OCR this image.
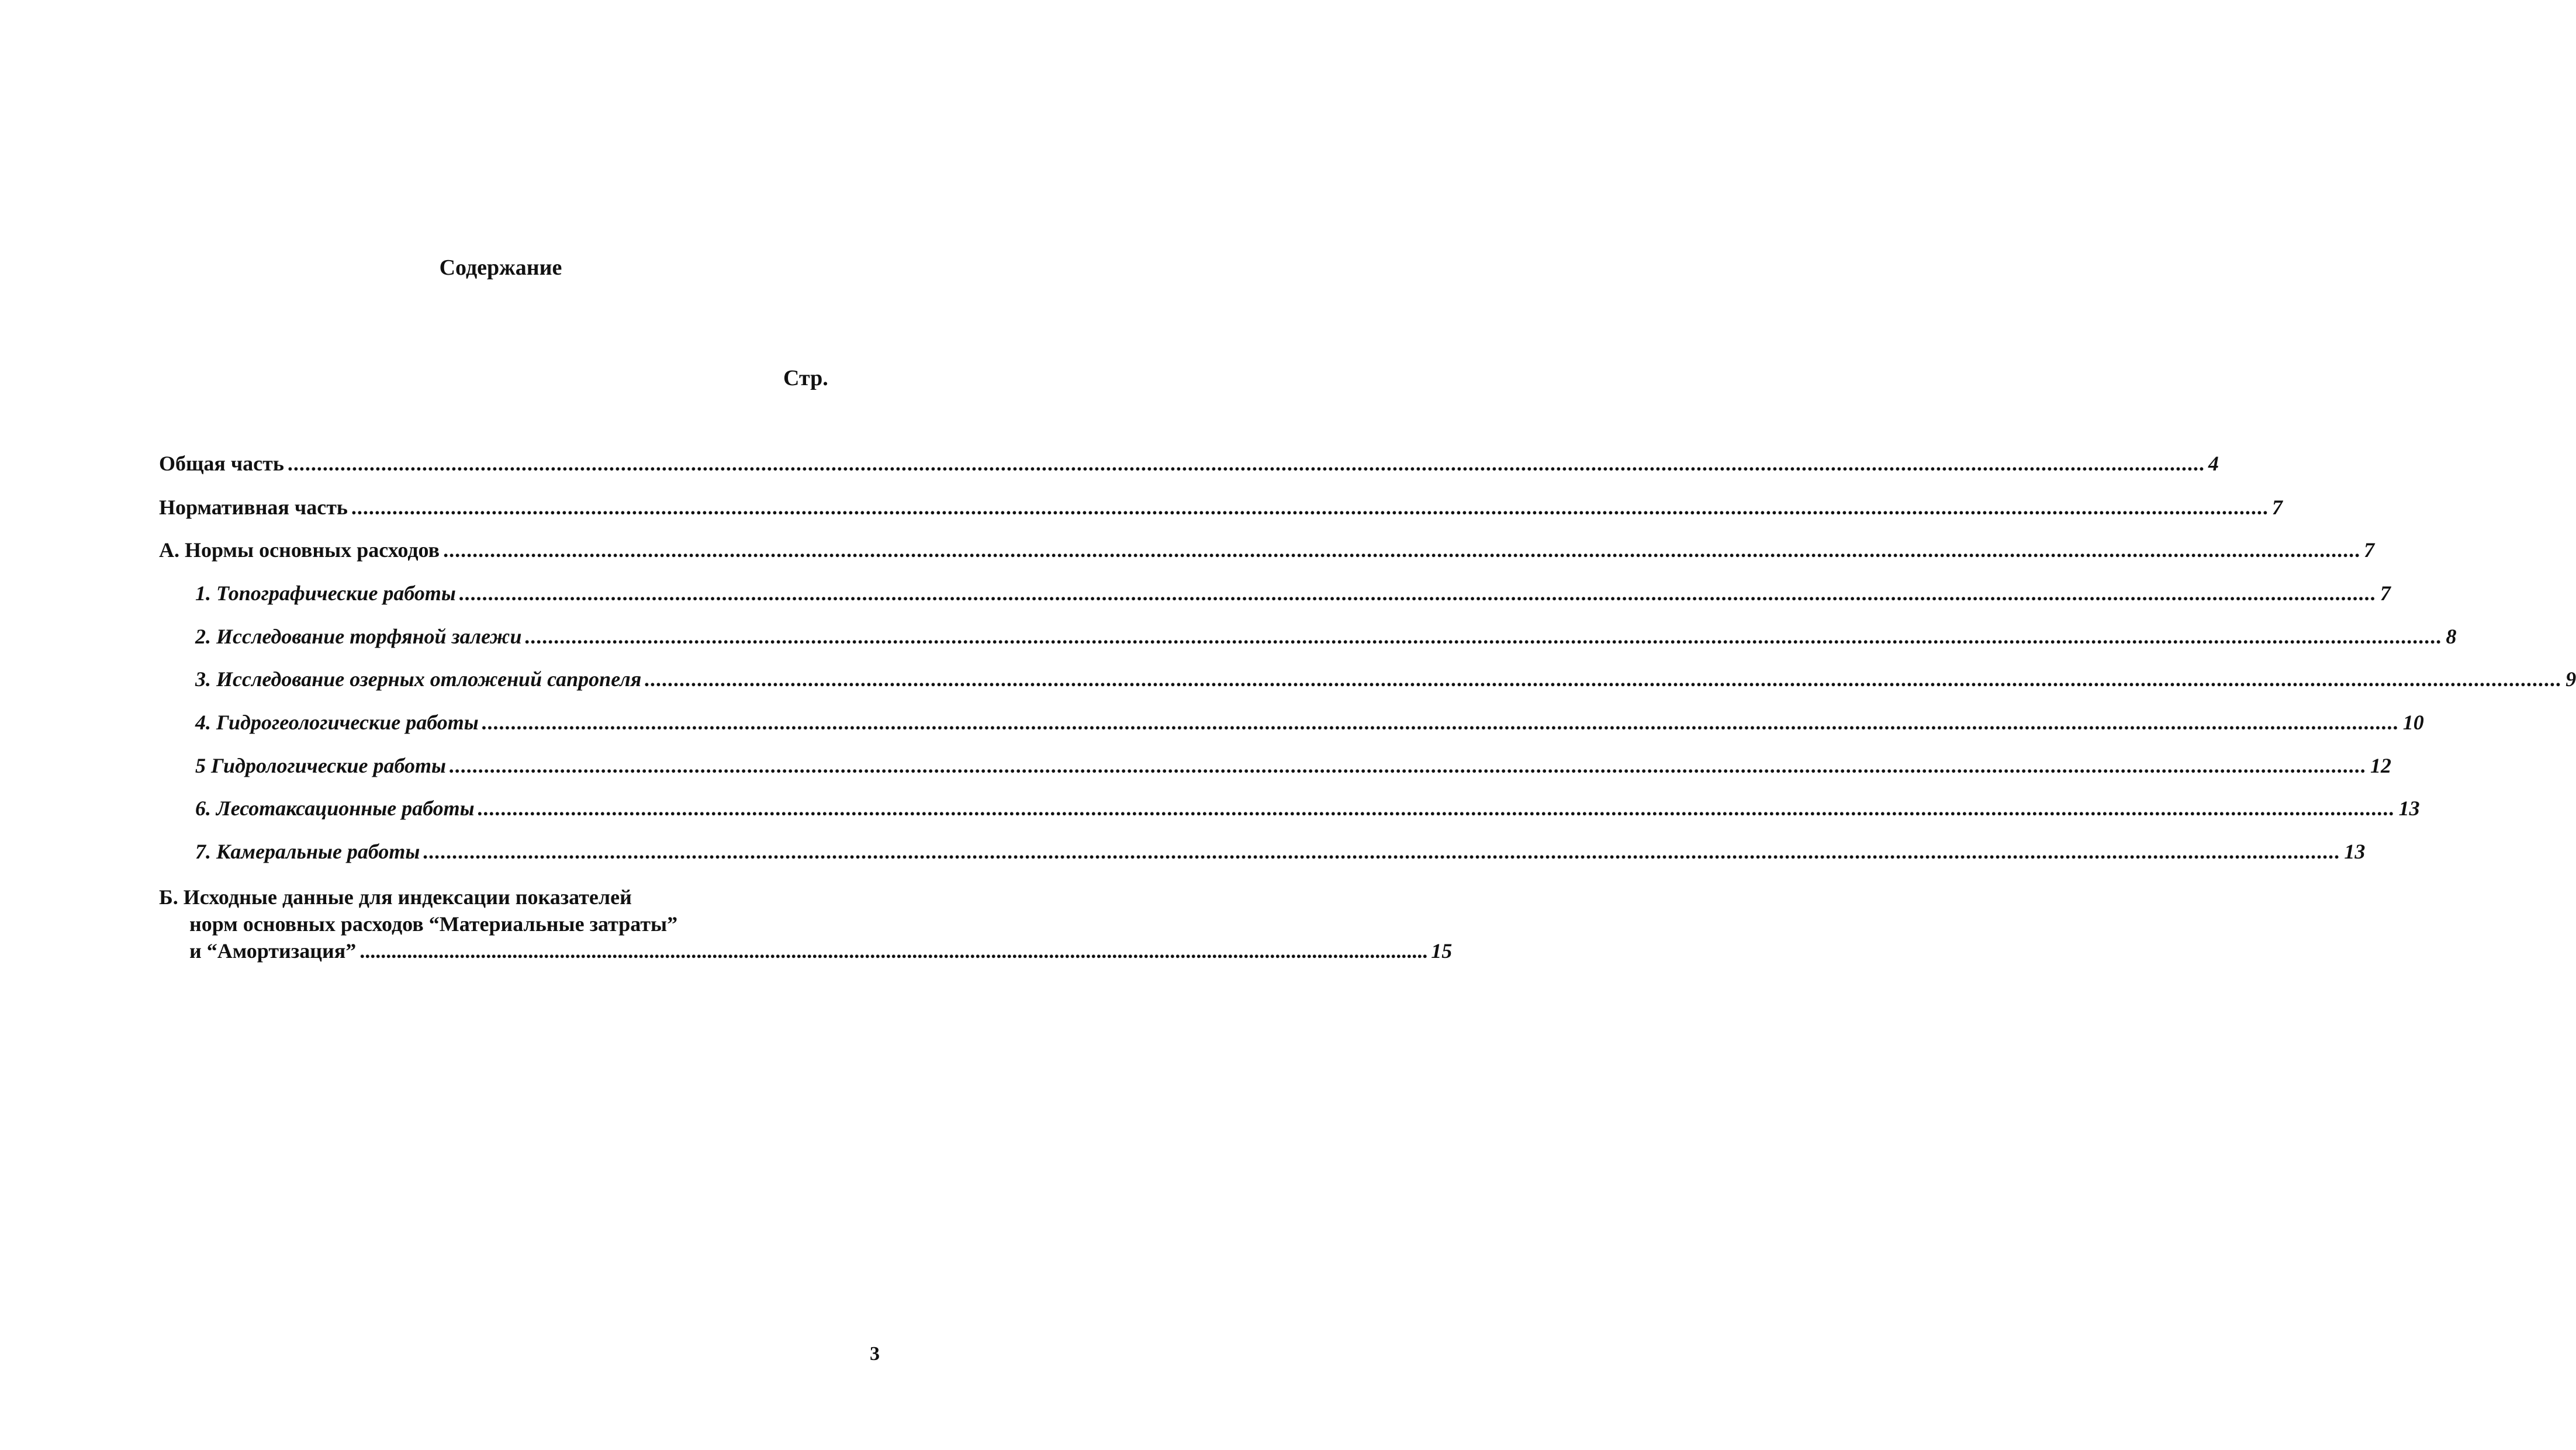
Содержание
Стр.
Общая часть .....	4
Нормативная часть .....	7
А. Нормы основных расходов .....	7
1. Топографические работы .....	7
2. Исследование торфяной залежи .....	8
3. Исследование озерных отложений сапропеля .....	9
4. Гидрогеологические работы .....	10
5 Гидрологические работы .....	12
6. Лесотаксационные работы .....	13
7. Камеральные работы .....	13
Б. Исходные данные для индексации показателей
норм основных расходов “Материальные затраты”
и “Амортизация” ........................................................................................................................................................................................................... 15
3
